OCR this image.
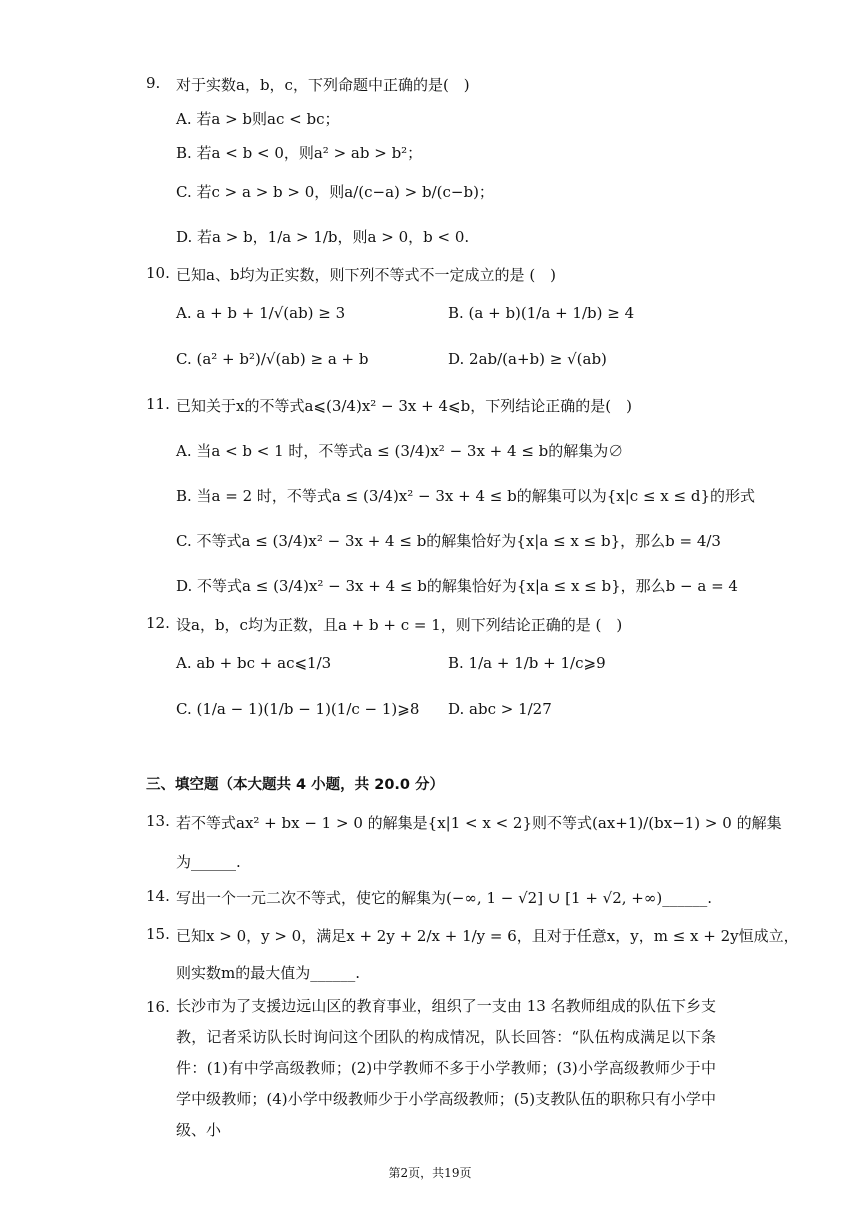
9. 对于实数a，b，c，下列命题中正确的是(　)
A. 若a > b则ac < bc；
B. 若a < b < 0，则a² > ab > b²；
C. 若c > a > b > 0，则a/(c−a) > b/(c−b)；
D. 若a > b，1/a > 1/b，则a > 0，b < 0.
10. 已知a、b均为正实数，则下列不等式不一定成立的是 (　)
A. a + b + 1/√(ab) ≥ 3	B. (a + b)(1/a + 1/b) ≥ 4
C. (a² + b²)/√(ab) ≥ a + b	D. 2ab/(a+b) ≥ √(ab)
11. 已知关于x的不等式a⩽(3/4)x² − 3x + 4⩽b，下列结论正确的是(　)
A. 当a < b < 1 时，不等式a ≤ (3/4)x² − 3x + 4 ≤ b的解集为∅
B. 当a = 2 时，不等式a ≤ (3/4)x² − 3x + 4 ≤ b的解集可以为{x|c ≤ x ≤ d}的形式
C. 不等式a ≤ (3/4)x² − 3x + 4 ≤ b的解集恰好为{x|a ≤ x ≤ b}，那么b = 4/3
D. 不等式a ≤ (3/4)x² − 3x + 4 ≤ b的解集恰好为{x|a ≤ x ≤ b}，那么b − a = 4
12. 设a，b，c均为正数，且a + b + c = 1，则下列结论正确的是 (　)
A. ab + bc + ac⩽1/3	B. 1/a + 1/b + 1/c⩾9
C. (1/a − 1)(1/b − 1)(1/c − 1)⩾8 D. abc > 1/27
三、填空题（本大题共 4 小题，共 20.0 分）
13. 若不等式ax² + bx − 1 > 0 的解集是{x|1 < x < 2}则不等式(ax+1)/(bx−1) > 0 的解集
为______.
14. 写出一个一元二次不等式，使它的解集为(−∞, 1 − √2] ∪ [1 + √2, +∞)______.
15. 已知x > 0，y > 0，满足x + 2y + 2/x + 1/y = 6，且对于任意x，y，m ≤ x + 2y恒成立，
则实数m的最大值为______.
16. 长沙市为了支援边远山区的教育事业，组织了一支由 13 名教师组成的队伍下乡支教，记者采访队长时询问这个团队的构成情况，队长回答：“队伍构成满足以下条件：(1)有中学高级教师；(2)中学教师不多于小学教师；(3)小学高级教师少于中学中级教师；(4)小学中级教师少于小学高级教师；(5)支教队伍的职称只有小学中级、小
第2页，共19页
